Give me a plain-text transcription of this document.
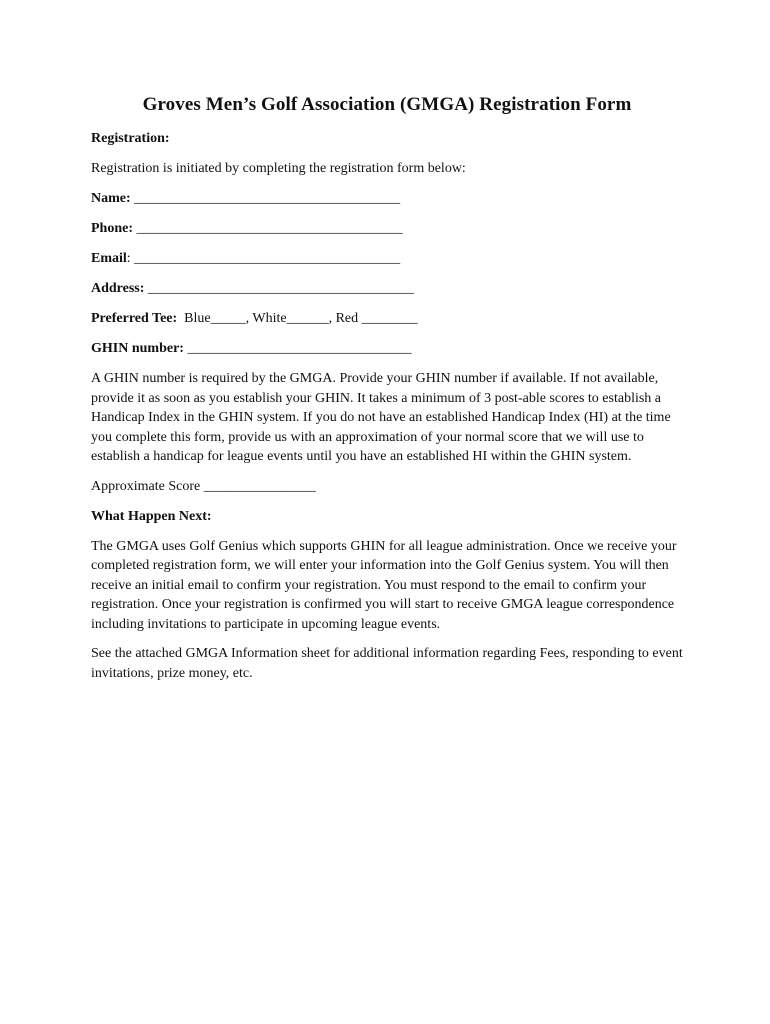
Groves Men’s Golf Association (GMGA) Registration Form
Registration:
Registration is initiated by completing the registration form below:
Name: ______________________________________
Phone: ______________________________________
Email: ______________________________________
Address: ______________________________________
Preferred Tee:  Blue_____, White______, Red ________
GHIN number: ________________________________
A GHIN number is required by the GMGA. Provide your GHIN number if available. If not available, provide it as soon as you establish your GHIN. It takes a minimum of 3 post-able scores to establish a Handicap Index in the GHIN system. If you do not have an established Handicap Index (HI) at the time you complete this form, provide us with an approximation of your normal score that we will use to establish a handicap for league events until you have an established HI within the GHIN system.
Approximate Score ________________
What Happen Next:
The GMGA uses Golf Genius which supports GHIN for all league administration. Once we receive your completed registration form, we will enter your information into the Golf Genius system. You will then receive an initial email to confirm your registration. You must respond to the email to confirm your registration. Once your registration is confirmed you will start to receive GMGA league correspondence including invitations to participate in upcoming league events.
See the attached GMGA Information sheet for additional information regarding Fees, responding to event invitations, prize money, etc.
